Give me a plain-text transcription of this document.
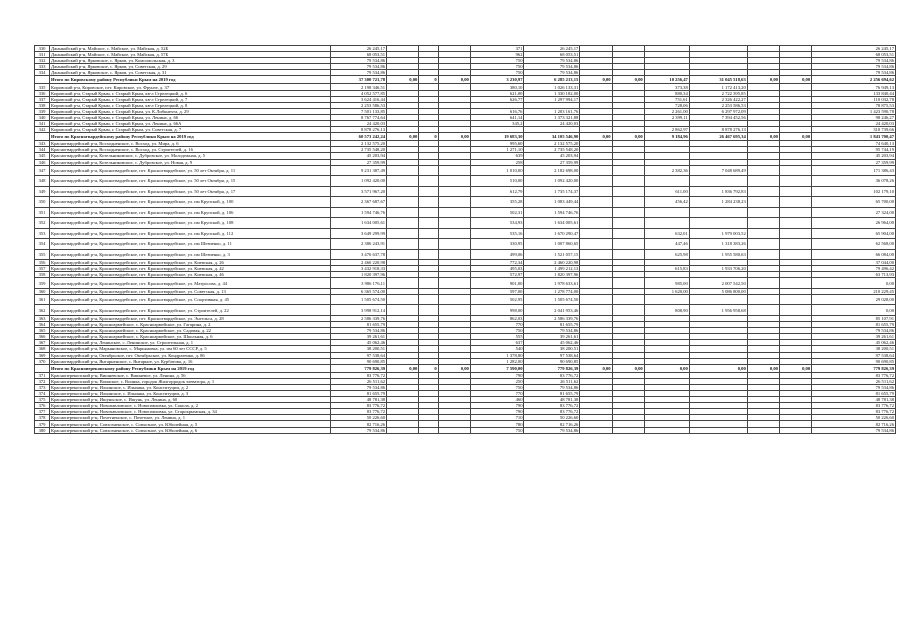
330	Джанкойский р-н, Майское, с. Майское, ул. Майская, д. 52Б	26 245,17				371	26 245,17							26 245,17
331	Джанкойский р-н, Майское, с. Майское, ул. Майская, д. 57Б	68 053,51				962	68 053,51							68 053,51
332	Джанкойский р-н, Ярковское, с. Ярков, ул. Комсомольская, д. 3	79 534,86				750	79 534,86							79 534,86
333	Джанкойский р-н, Ярковское, с. Ярков, ул. Советская, д. 29	79 534,86				750	79 534,86							79 534,86
334	Джанкойский р-н, Ярковское, с. Ярков, ул. Советская, д. 31	79 534,86				750	79 534,86							79 534,86
	Итого по Кировскому району Республики Крым на 2019 год	37 300 721,78	0,00	0	0,00	3 230,97	6 285 213,15	0,00	0,00	10 256,47	31 045 518,63	0,00	0,00	2 256 694,62
335	Кировский р-н, Кировское, пгт. Кировское, ул. Фрунзе, д. 37	2 198 346,51				380,10	1 026 133,31			373,38	1 172 413,20			76 949,13
336	Кировский р-н, Старый Крым, г. Старый Крым, кв-л Стрелецкий, д. 6	4 052 577,85				621,00	1 330 182,00			880,34	2 722 395,85			133 840,44
337	Кировский р-н, Старый Крым, г. Старый Крым, кв-л Стрелецкий, д. 7	3 624 416,44				626,77	1 297 994,17			751,61	2 326 422,27			110 032,78
338	Кировский р-н, Старый Крым, г. Старый Крым, кв-л Стрелецкий, д. 8	2 253 586,53								728,06	2 253 586,53			78 875,53
339	Кировский р-н, Старый Крым, г. Старый Крым, ул. К.Либкнехта, д. 29	7 501 133,85				616,76	1 203 161,76			2 261,00	6 297 972,09			1 423 590,78
340	Кировский р-н, Старый Крым, г. Старый Крым, ул. Ленина, д. 66	8 767 774,64				641,14	1 373 321,88			2 399,11	7 394 452,56			98 246,27
341	Кировский р-н, Старый Крым, г. Старый Крым, ул. Ленина, д. 66А	24 420,03				345,2	24 420,03							24 420,03
342	Кировский р-н, Старый Крым, г. Старый Крым, ул. Советская, д. 7	8 878 276,13								2 862,97	8 878 276,13			310 739,66
	Итого по Красногвардейскому району Республики Крым на 2019 год	60 573 242,24	0,00	0	0,00	19 683,30	34 105 546,90	0,00	0,00	9 184,96	26 467 695,34	0,00	0,00	1 843 700,47
343	Красногвардейский р-н, Восходненское, с. Восход, ул. Мира, д. 6	2 132 575,20				995,60	2 132 575,20							74 640,13
344	Красногвардейский р-н, Восходненское, с. Восход, ул. Строителей, д. 16	2 735 548,20				1 271,10	2 735 548,20							95 744,19
345	Красногвардейский р-н, Котельниковское, с. Дубровское, ул. Молодежная, д. 5	45 203,94				639	45 203,94							45 203,94
346	Красногвардейский р-н, Котельниковское, с. Дубровское, ул. Новая, д. 9	27 359,99				258	27 359,99							27 359,99
347	Красногвардейский р-н, Красногвардейское, пгт. Красногвардейское, ул. 50 лет Октября, д. 11	9 231 387,49				1 010,00	2 182 698,00			2 382,36	7 048 689,49			171 386,43
348	Красногвардейский р-н, Красногвардейское, пгт. Красногвардейское, ул. 50 лет Октября, д. 15	1 092 420,00				510,00	1 092 420,00							36 078,26
349	Красногвардейский р-н, Красногвардейское, пгт. Красногвардейское, ул. 50 лет Октября, д. 17	3 571 967,20				612,79	1 735 174,37			611,00	1 836 792,83			102 179,10
350	Красногвардейский р-н, Красногвардейское, пгт. Красногвардейское, ул. им Крупской, д. 100	2 367 687,67				355,28	1 083 449,44			456,42	1 284 238,23			65 700,00
351	Красногвардейский р-н, Красногвардейское, пгт. Красногвардейское, ул. им Крупской, д. 106	1 594 746,76				502,31	1 594 746,76							27 324,00
352	Красногвардейский р-н, Красногвардейское, пгт. Красногвардейское, ул. им Крупской, д. 108	1 634 005,61				534,93	1 634 005,61							26 964,00
353	Красногвардейский р-н, Красногвардейское, пгт. Красногвардейское, ул. им Крупской, д. 112	3 649 299,99				535,16	1 670 290,47			632,01	1 979 003,52			65 904,00
354	Красногвардейский р-н, Красногвардейское, пгт. Красногвардейское, ул. им Шевченко, д. 11	2 386 243,91				330,95	1 007 860,65			447,46	1 318 383,26			62 568,00
355	Красногвардейский р-н, Красногвардейское, пгт. Красногвардейское, ул. им Шевченко, д. 3	3 476 637,78				499,06	1 521 057,15			625,98	1 955 580,63			66 084,00
356	Красногвардейский р-н, Красногвардейское, пгт. Красногвардейское, ул. Киевская, д. 26	2 460 220,98				772,34	2 460 220,98							37 044,00
357	Красногвардейский р-н, Красногвардейское, пгт. Красногвардейское, ул. Киевская, д. 42	3 432 918,33				495,03	1 499 212,13			615,83	1 933 706,20			79 496,42
358	Красногвардейский р-н, Красногвардейское, пгт. Красногвардейское, ул. Киевская, д. 46	1 820 397,96				572,97	1 820 397,96							63 713,93
359	Красногвардейский р-н, Красногвардейское, пгт. Красногвардейское, ул. Матросова, д. 44	3 986 176,11				901,00	1 978 633,61			985,00	2 007 542,50			0,00
360	Красногвардейский р-н, Красногвардейское, пгт. Красногвардейское, ул. Советская, д. 13	6 365 574,00				597,00	1 278 774,00			1 620,00	5 086 800,00			210 229,45
361	Красногвардейский р-н, Красногвардейское, пгт. Красногвардейское, ул. Спортивная, д. 45	1 505 674,50				502,95	1 505 674,50							29 028,00
362	Красногвардейский р-н, Красногвардейское, пгт. Красногвардейское, ул. Строителей, д. 22	3 998 912,14				998,00	2 041 953,46			808,90	1 956 958,68			0,00
363	Красногвардейский р-н, Красногвардейское, пгт. Красногвардейское, ул. Энгельса, д. 28	2 586 339,76				862,03	2 586 339,76							85 107,91
364	Красногвардейский р-н, Красноармейское, с. Красноармейское, ул. Гагарина, д. 2	81 655,79				770	81 655,79							81 655,79
365	Красногвардейский р-н, Красноармейское, с. Красноармейское, ул. Садовая, д. 22	79 534,86				750	79 534,86							79 534,86
366	Красногвардейский р-н, Красноармейское, с. Красноармейское, ул. Школьная, д. 6	39 261,61				555	39 261,61							39 261,61
367	Красногвардейский р-н, Ленинское, с. Ленинское, ул. Строительная, д. 1	45 062,46				637	45 062,46							45 062,46
368	Красногвардейский р-н, Марьяновское, с. Марьяновка, ул. им 60 лет СССР, д. 5	38 200,51				540	38 200,51							38 200,51
369	Красногвардейский р-н, Октябрьское, пгт. Октябрьское, ул. Кондратенко, д. 86	97 538,64				1 378,80	97 538,64							97 538,64
370	Красногвардейский р-н, Янтарненское, с. Янтарное, ул. Курбатова, д. 16	90 690,85				1 282,00	90 690,85							90 690,85
	Итого по Красноперекопскому району Республики Крым на 2019 год	779 826,39	0,00	0	0,00	7 590,00	779 826,39	0,00	0,00	0,00	0,00	0,00	0,00	779 826,39
371	Красноперекопский р-н, Вишневское, с. Вишневое, ул. Ленина, д. 56	83 776,72				790	83 776,72							83 776,72
372	Красноперекопский р-н, Воинское, с. Воинка, городок Жилгорродок элеватора, д. 1	26 511,62				250	26 511,62							26 511,62
373	Красноперекопский р-н, Ильинское, с. Ильинка, ул. Конституции, д. 2	79 534,86				750	79 534,86							79 534,86
374	Красноперекопский р-н, Ильинское, с. Ильинка, ул. Конституции, д. 3	81 655,79				770	81 655,79							81 655,79
375	Красноперекопский р-н, Ишуньское, с. Ишунь, ул. Ленина, д. 60	48 781,38				460	48 781,38							48 781,38
376	Красноперекопский р-н, Новопавловское, с. Новопавловка, ул. Сокола, д. 2	83 776,72				790	83 776,72							83 776,72
377	Красноперекопский р-н, Новопавловское, с. Новопавловка, ул. Старокрымская, д. 34	83 776,72				790	83 776,72							83 776,72
378	Красноперекопский р-н, Почетненское, с. Почетное, ул. Ленина, д. 1	50 226,60				710	50 226,60							50 226,60
379	Красноперекопский р-н, Совхозненское, с. Совхозное, ул. Юбилейная, д. 5	82 716,26				780	82 716,26							82 716,26
380	Красноперекопский р-н, Совхозненское, с. Совхозное, ул. Юбилейная, д. 6	79 534,86				750	79 534,86							79 534,86
